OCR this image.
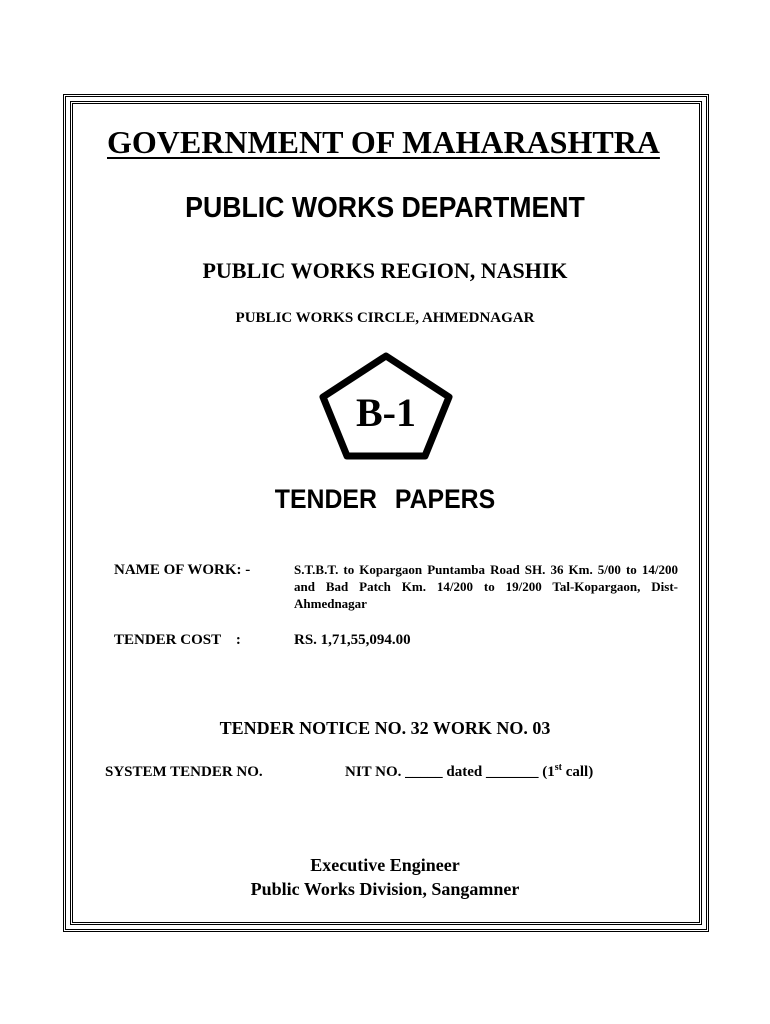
GOVERNMENT OF MAHARASHTRA
PUBLIC WORKS DEPARTMENT
PUBLIC WORKS REGION, NASHIK
PUBLIC WORKS CIRCLE, AHMEDNAGAR
B-1
TENDER PAPERS
NAME OF WORK: -	S.T.B.T. to Kopargaon Puntamba Road SH. 36 Km. 5/00 to 14/200 and Bad Patch Km. 14/200 to 19/200 Tal-Kopargaon, Dist- Ahmednagar
TENDER COST    :	RS. 1,71,55,094.00
TENDER NOTICE NO. 32 WORK NO. 03
SYSTEM TENDER NO.	NIT NO. _____ dated _______ (1st call)
Executive Engineer
Public Works Division, Sangamner
